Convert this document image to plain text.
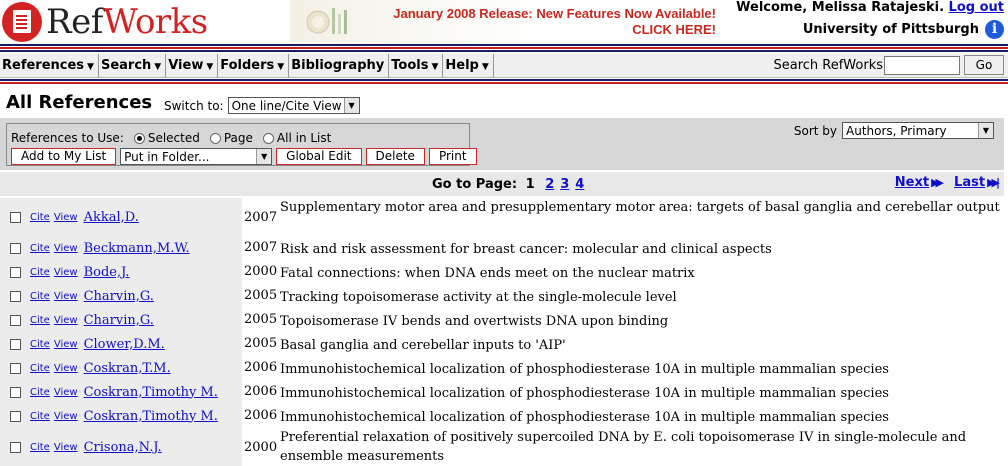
RefWorks	January 2008 Release: New Features Now Available!
CLICK HERE!
Welcome, Melissa Ratajeski. Log out
University of Pittsburgh i
References ▼ Search ▼ View ▼ Folders ▼ Bibliography Tools ▼ Help ▼	Search RefWorks	Go
All References Switch to: One line/Cite View ▼
References to Use: Selected Page All in List
Add to My List	Put in Folder...	▼	Global Edit	Delete	Print
Sort by Authors, Primary	▼
Go to Page: 1 2 3 4	Next ▶▶ Last ▶▶|
Cite View Akkal,D.	2007
Supplementary motor area and presupplementary motor area: targets of basal ganglia and cerebellar output
Cite View Beckmann,M.W.	2007 Risk and risk assessment for breast cancer: molecular and clinical aspects
Cite View Bode,J.	2000 Fatal connections: when DNA ends meet on the nuclear matrix
Cite View Charvin,G.	2005 Tracking topoisomerase activity at the single-molecule level
Cite View Charvin,G.	2005 Topoisomerase IV bends and overtwists DNA upon binding
Cite View Clower,D.M.	2005 Basal ganglia and cerebellar inputs to 'AIP'
Cite View Coskran,T.M.	2006 Immunohistochemical localization of phosphodiesterase 10A in multiple mammalian species
Cite View Coskran,Timothy M. 2006 Immunohistochemical localization of phosphodiesterase 10A in multiple mammalian species
Cite View Coskran,Timothy M. 2006 Immunohistochemical localization of phosphodiesterase 10A in multiple mammalian species
Cite View Crisona,N.J.	2000
Preferential relaxation of positively supercoiled DNA by E. coli topoisomerase IV in single-molecule and ensemble measurements
